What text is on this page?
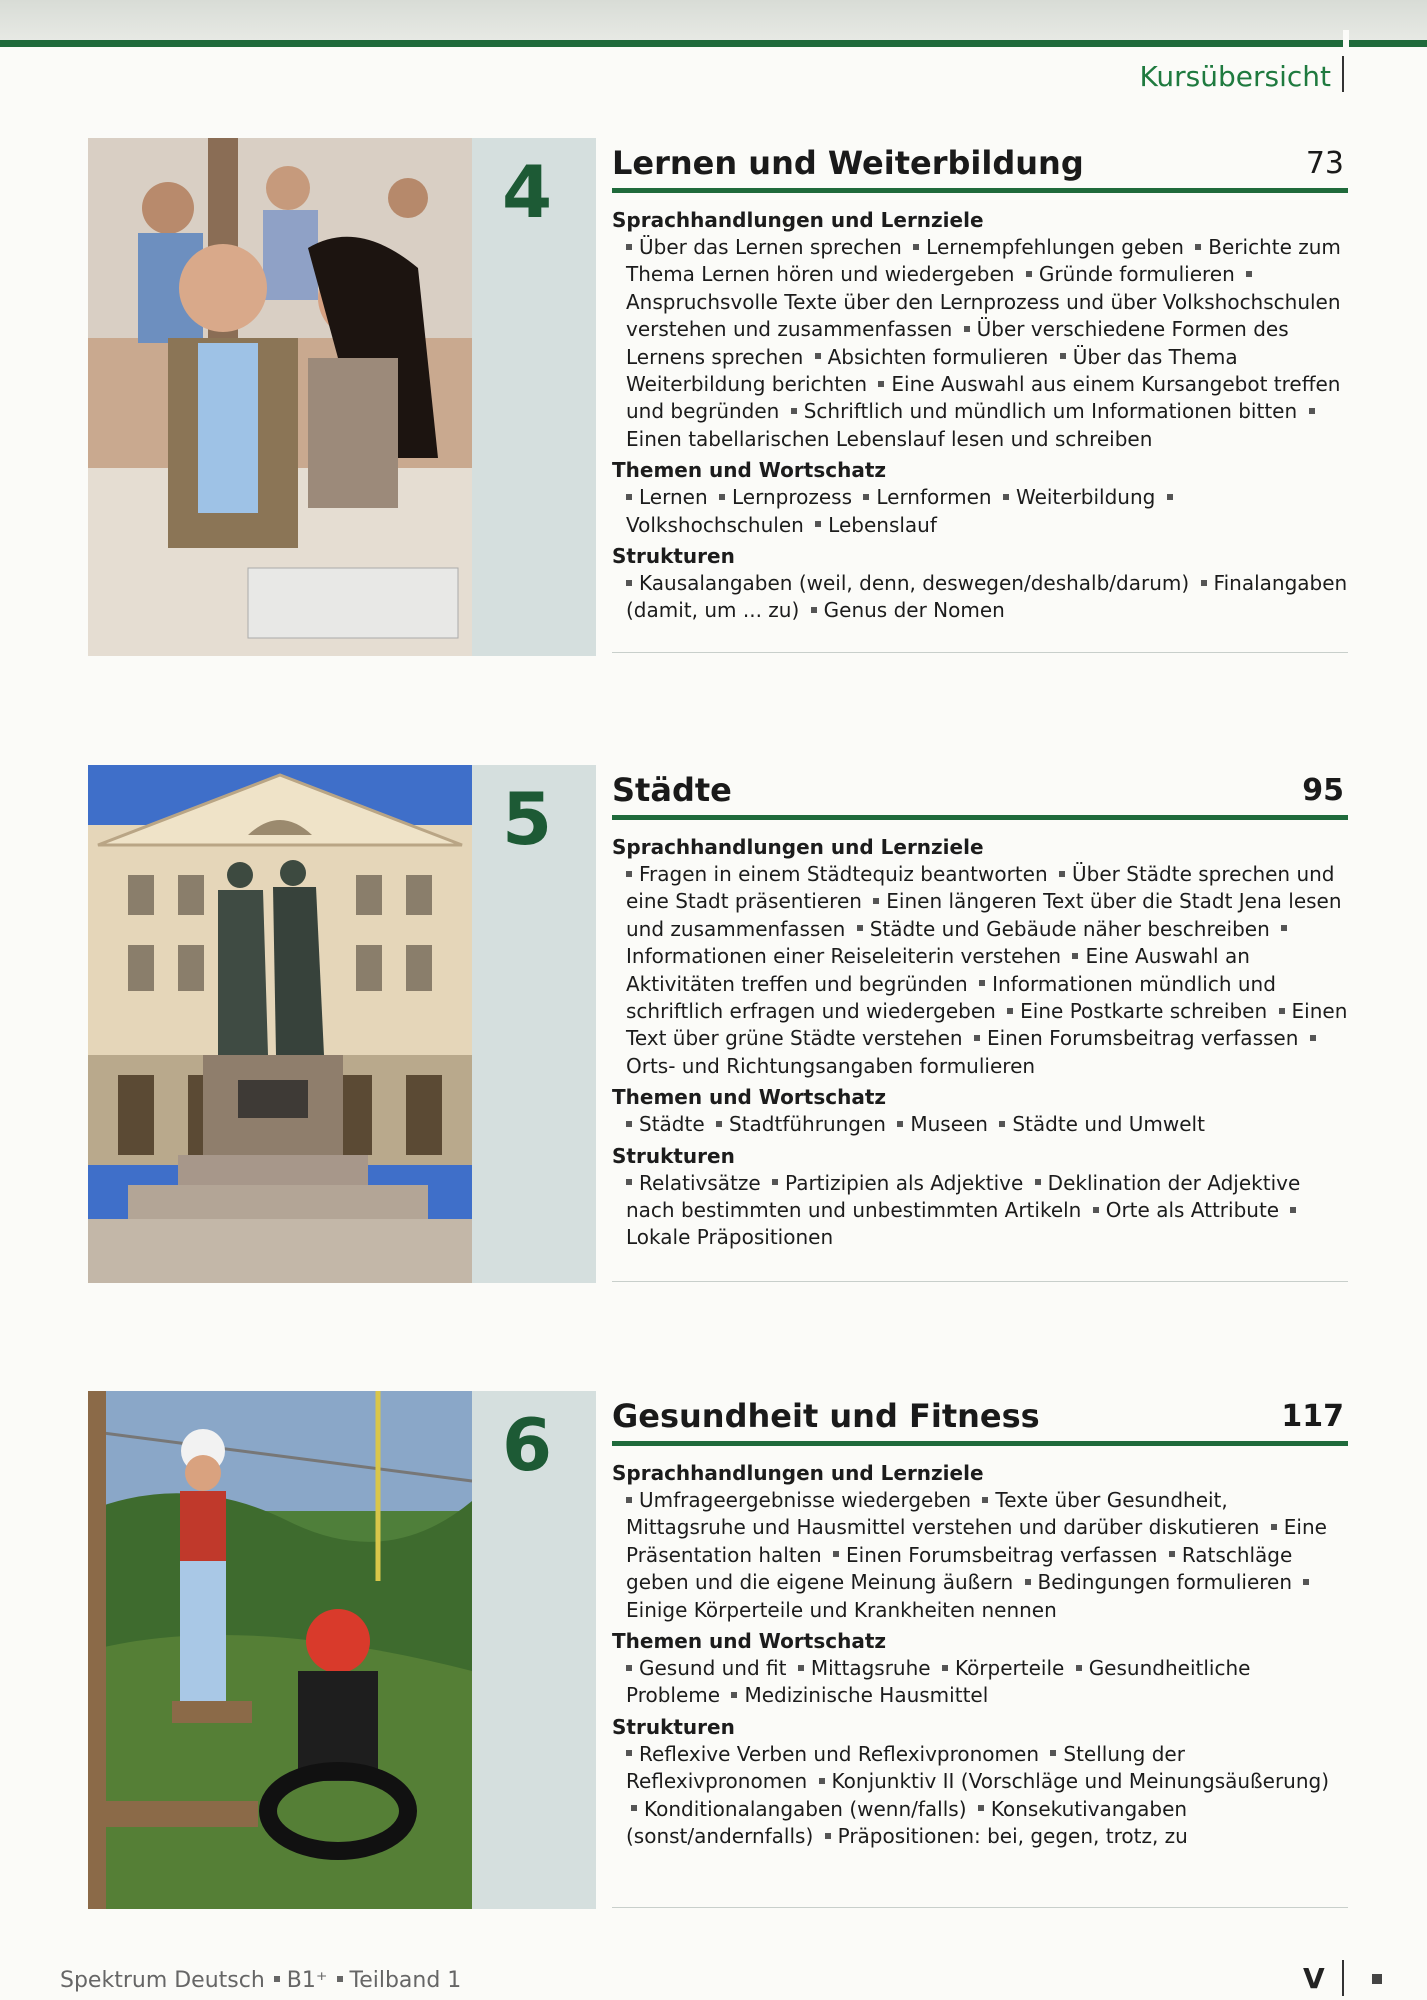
Kursübersicht
4	Lernen und Weiterbildung	73
Sprachhandlungen und Lernziele
Über das Lernen sprechen Lernempfehlungen geben Berichte zum Thema Lernen hören und wiedergeben Gründe formulieren Anspruchsvolle Texte über den Lernprozess und über Volkshochschulen verstehen und zusammenfassen Über verschiedene Formen des Lernens sprechen Absichten formulieren Über das Thema Weiterbildung berichten Eine Auswahl aus einem Kursangebot treffen und begründen Schriftlich und mündlich um Informationen bitten Einen tabellarischen Lebenslauf lesen und schreiben
Themen und Wortschatz
Lernen Lernprozess Lernformen Weiterbildung Volkshochschulen Lebenslauf
Strukturen
Kausalangaben (weil, denn, deswegen/deshalb/darum) Finalangaben (damit, um ... zu) Genus der Nomen
5	Städte	95
Sprachhandlungen und Lernziele
Fragen in einem Städtequiz beantworten Über Städte sprechen und eine Stadt präsentieren Einen längeren Text über die Stadt Jena lesen und zusammenfassen Städte und Gebäude näher beschreiben Informationen einer Reiseleiterin verstehen Eine Auswahl an Aktivitäten treffen und begründen Informationen mündlich und schriftlich erfragen und wiedergeben Eine Postkarte schreiben Einen Text über grüne Städte verstehen Einen Forumsbeitrag verfassen Orts- und Richtungsangaben formulieren
Themen und Wortschatz
Städte Stadtführungen Museen Städte und Umwelt
Strukturen
Relativsätze Partizipien als Adjektive Deklination der Adjektive nach bestimmten und unbestimmten Artikeln Orte als Attribute Lokale Präpositionen
6	Gesundheit und Fitness	117
Sprachhandlungen und Lernziele
Umfrageergebnisse wiedergeben Texte über Gesundheit, Mittagsruhe und Hausmittel verstehen und darüber diskutieren Eine Präsentation halten Einen Forumsbeitrag verfassen Ratschläge geben und die eigene Meinung äußern Bedingungen formulieren Einige Körperteile und Krankheiten nennen
Themen und Wortschatz
Gesund und fit Mittagsruhe Körperteile Gesundheitliche Probleme Medizinische Hausmittel
Strukturen
Reflexive Verben und Reflexivpronomen Stellung der Reflexivpronomen Konjunktiv II (Vorschläge und Meinungsäußerung) Konditionalangaben (wenn/falls) Konsekutivangaben (sonst/andernfalls) Präpositionen: bei, gegen, trotz, zu
Spektrum Deutsch B1⁺ Teilband 1	V
